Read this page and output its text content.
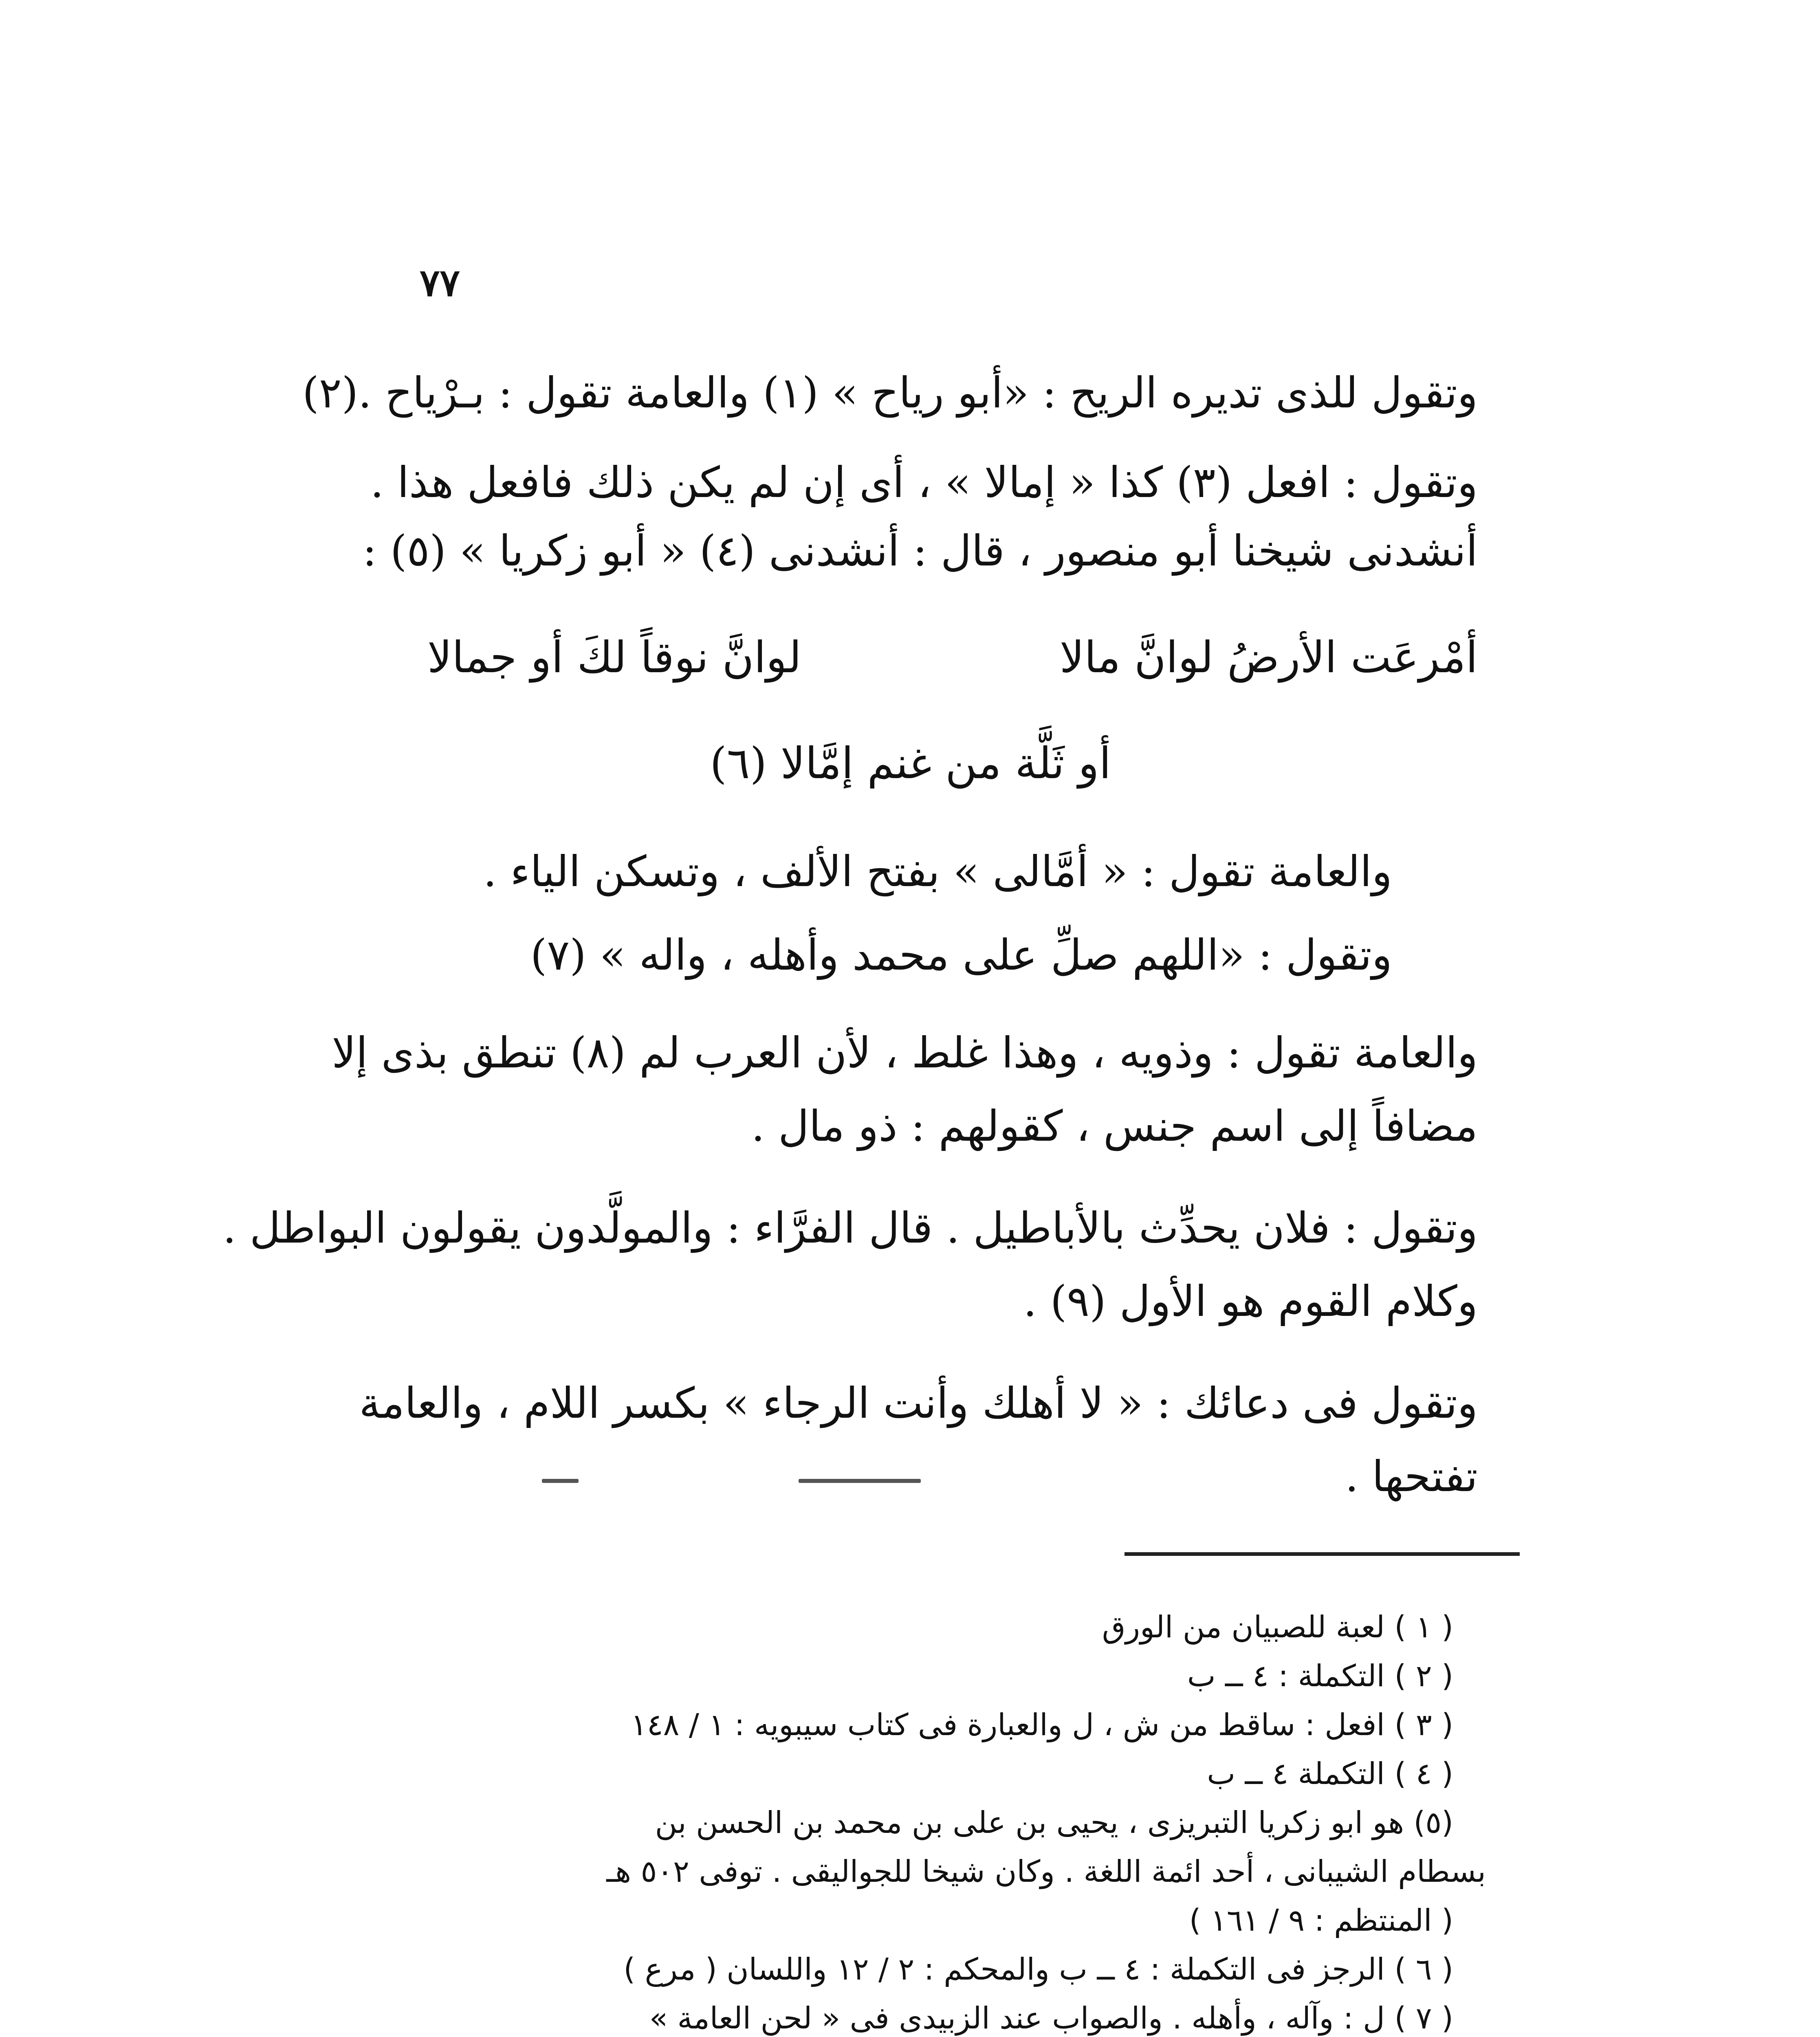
٧٧
وتقول للذى تديره الريح : «أبو رياح » (١) والعامة تقول : بـرْياح .(٢)
وتقول : افعل (٣) كذا « إمالا » ، أى إن لم يكن ذلك فافعل هذا .
أنشدنى شيخنا أبو منصور ، قال : أنشدنى (٤) « أبو زكريا » (٥) :
أمْرعَت الأرضُ لوانَّ مالا
لوانَّ نوقاً لكَ أو جمالا
أو ثَلَّة من غنم إمَّالا (٦)
والعامة تقول : « أمَّالى » بفتح الألف ، وتسكن الياء .
وتقول : «اللهم صلِّ على محمد وأهله ، واله » (٧)
والعامة تقول : وذويه ، وهذا غلط ، لأن العرب لم (٨) تنطق بذى إلا
مضافاً إلى اسم جنس ، كقولهم : ذو مال .
وتقول : فلان يحدِّث بالأباطيل . قال الفرَّاء : والمولَّدون يقولون البواطل .
وكلام القوم هو الأول (٩) .
وتقول فى دعائك : « لا أهلك وأنت الرجاء » بكسر اللام ، والعامة
تفتحها .
( ١ ) لعبة للصبيان من الورق
( ٢ ) التكملة : ٤ ــ ب
( ٣ ) افعل : ساقط من ش ، ل والعبارة فى كتاب سيبويه : ١ / ١٤٨
( ٤ ) التكملة ٤ ــ ب
(٥) هو ابو زكريا التبريزى ، يحيى بن على بن محمد بن الحسن بن
بسطام الشيبانى ، أحد ائمة اللغة . وكان شيخا للجواليقى . توفى ٥٠٢ هـ
( المنتظم : ٩ / ١٦١ )
( ٦ ) الرجز فى التكملة : ٤ ــ ب والمحكم : ٢ / ١٢ واللسان ( مرع )
( ٧ ) ل : وآله ، وأهله . والصواب عند الزبيدى فى « لحن العامة »
